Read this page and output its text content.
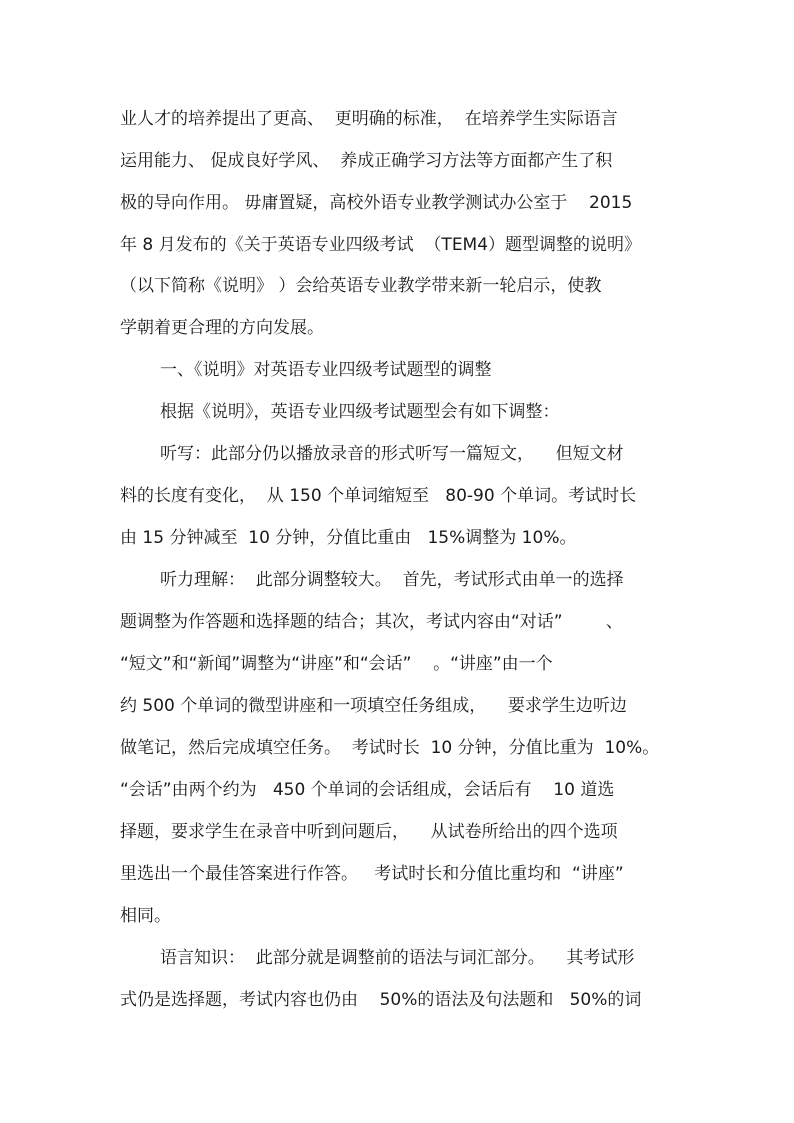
业人才的培养提出了更高、  更明确的标准，  在培养学生实际语言
运用能力、 促成良好学风、  养成正确学习方法等方面都产生了积
极的导向作用。 毋庸置疑，高校外语专业教学测试办公室于    2015
年 8 月发布的《关于英语专业四级考试  （TEM4）题型调整的说明》
（以下简称《说明》 ）会给英语专业教学带来新一轮启示，使教
学朝着更合理的方向发展。
一、《说明》对英语专业四级考试题型的调整
根据《说明》，英语专业四级考试题型会有如下调整：
听写：此部分仍以播放录音的形式听写一篇短文，    但短文材
料的长度有变化，  从 150 个单词缩短至   80-90 个单词。考试时长
由 15 分钟减至  10 分钟，分值比重由   15%调整为 10%。
听力理解：  此部分调整较大。  首先，考试形式由单一的选择
题调整为作答题和选择题的结合；其次，考试内容由“对话”        、
“短文”和“新闻”调整为“讲座”和“会话”    。“讲座”由一个
约 500 个单词的微型讲座和一项填空任务组成，    要求学生边听边
做笔记，然后完成填空任务。  考试时长  10 分钟，分值比重为  10%。
“会话”由两个约为   450 个单词的会话组成，会话后有    10 道选
择题，要求学生在录音中听到问题后，    从试卷所给出的四个选项
里选出一个最佳答案进行作答。   考试时长和分值比重均和  “讲座”
相同。
语言知识：  此部分就是调整前的语法与词汇部分。    其考试形
式仍是选择题，考试内容也仍由    50%的语法及句法题和   50%的词
